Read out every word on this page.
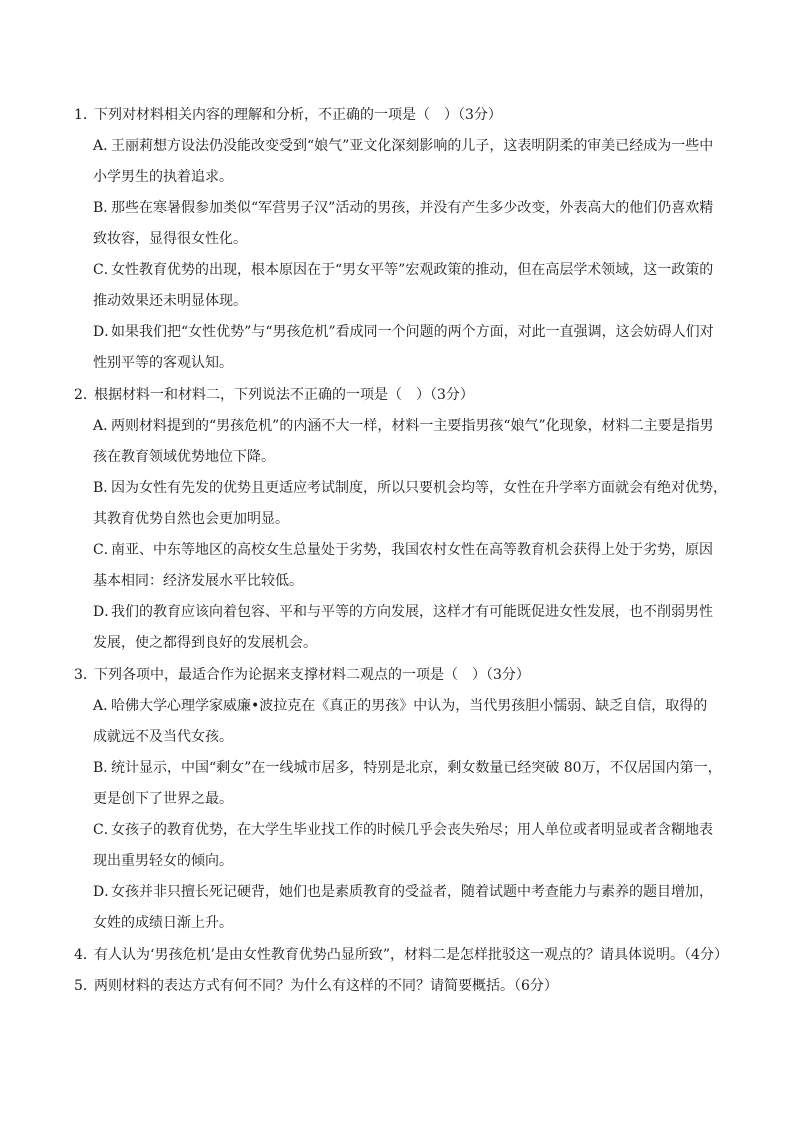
1．下列对材料相关内容的理解和分析，不正确的一项是（　）（3分）
A．王丽莉想方设法仍没能改变受到“娘气”亚文化深刻影响的儿子，这表明阴柔的审美已经成为一些中
小学男生的执着追求。
B．那些在寒暑假参加类似“军营男子汉”活动的男孩，并没有产生多少改变，外表高大的他们仍喜欢精
致妆容，显得很女性化。
C．女性教育优势的出现，根本原因在于“男女平等”宏观政策的推动，但在高层学术领域，这一政策的
推动效果还未明显体现。
D．如果我们把“女性优势”与“男孩危机”看成同一个问题的两个方面，对此一直强调，这会妨碍人们对
性别平等的客观认知。
2．根据材料一和材料二，下列说法不正确的一项是（　）（3分）
A．两则材料提到的“男孩危机”的内涵不大一样，材料一主要指男孩“娘气”化现象，材料二主要是指男
孩在教育领域优势地位下降。
B．因为女性有先发的优势且更适应考试制度，所以只要机会均等，女性在升学率方面就会有绝对优势，
其教育优势自然也会更加明显。
C．南亚、中东等地区的高校女生总量处于劣势，我国农村女性在高等教育机会获得上处于劣势，原因
基本相同：经济发展水平比较低。
D．我们的教育应该向着包容、平和与平等的方向发展，这样才有可能既促进女性发展，也不削弱男性
发展，使之都得到良好的发展机会。
3．下列各项中，最适合作为论据来支撑材料二观点的一项是（　）（3分）
A．哈佛大学心理学家威廉•波拉克在《真正的男孩》中认为，当代男孩胆小懦弱、缺乏自信，取得的
成就远不及当代女孩。
B．统计显示，中国“剩女”在一线城市居多，特别是北京，剩女数量已经突破 80万，不仅居国内第一，
更是创下了世界之最。
C．女孩子的教育优势，在大学生毕业找工作的时候几乎会丧失殆尽；用人单位或者明显或者含糊地表
现出重男轻女的倾向。
D．女孩并非只擅长死记硬背，她们也是素质教育的受益者，随着试题中考查能力与素养的题目增加，
女姓的成绩日渐上升。
4．有人认为‘男孩危机’是由女性教育优势凸显所致”，材料二是怎样批驳这一观点的？请具体说明。（4分）
5．两则材料的表达方式有何不同？为什么有这样的不同？请简要概括。（6分）
